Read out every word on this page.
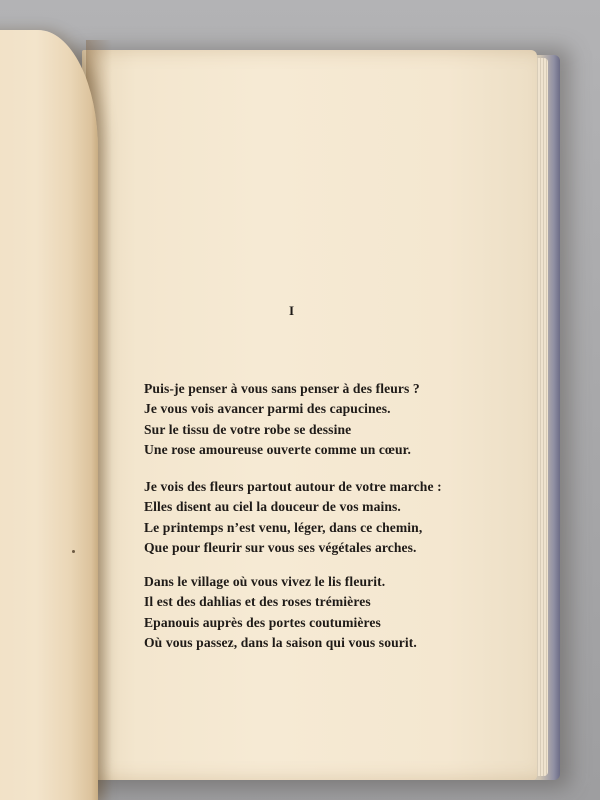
I

Puis-je penser à vous sans penser à des fleurs ?
Je vous vois avancer parmi des capucines.
Sur le tissu de votre robe se dessine
Une rose amoureuse ouverte comme un cœur.
Je vois des fleurs partout autour de votre marche :
Elles disent au ciel la douceur de vos mains.
Le printemps n’est venu, léger, dans ce chemin,
Que pour fleurir sur vous ses végétales arches.
Dans le village où vous vivez le lis fleurit.
Il est des dahlias et des roses trémières
Epanouis auprès des portes coutumières
Où vous passez, dans la saison qui vous sourit.
